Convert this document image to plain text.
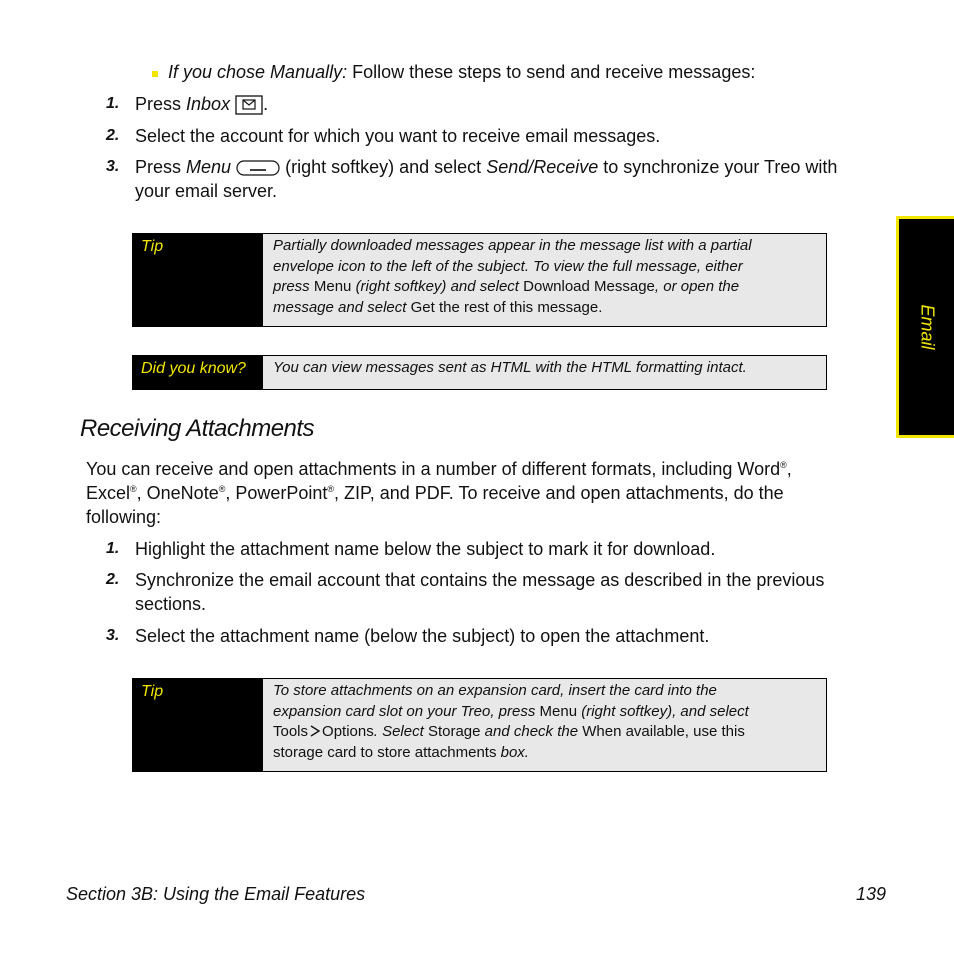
If you chose Manually: Follow these steps to send and receive messages:
1. Press Inbox .
2. Select the account for which you want to receive email messages.
3. Press Menu	(right softkey) and select Send/Receive to synchronize your Treo with
your email server.
Tip	Partially downloaded messages appear in the message list with a partial
envelope icon to the left of the subject. To view the full message, either
press Menu (right softkey) and select Download Message, or open the
message and select Get the rest of this message.
Did you know?	You can view messages sent as HTML with the HTML formatting intact.
Email
Receiving Attachments
You can receive and open attachments in a number of different formats, including Word®,
Excel®, OneNote®, PowerPoint®, ZIP, and PDF. To receive and open attachments, do the
following:
1. Highlight the attachment name below the subject to mark it for download.
2. Synchronize the email account that contains the message as described in the previous
sections.
3. Select the attachment name (below the subject) to open the attachment.
Tip	To store attachments on an expansion card, insert the card into the
expansion card slot on your Treo, press Menu (right softkey), and select
Tools Options. Select Storage and check the When available, use this
storage card to store attachments box.
Section 3B: Using the Email Features	139
